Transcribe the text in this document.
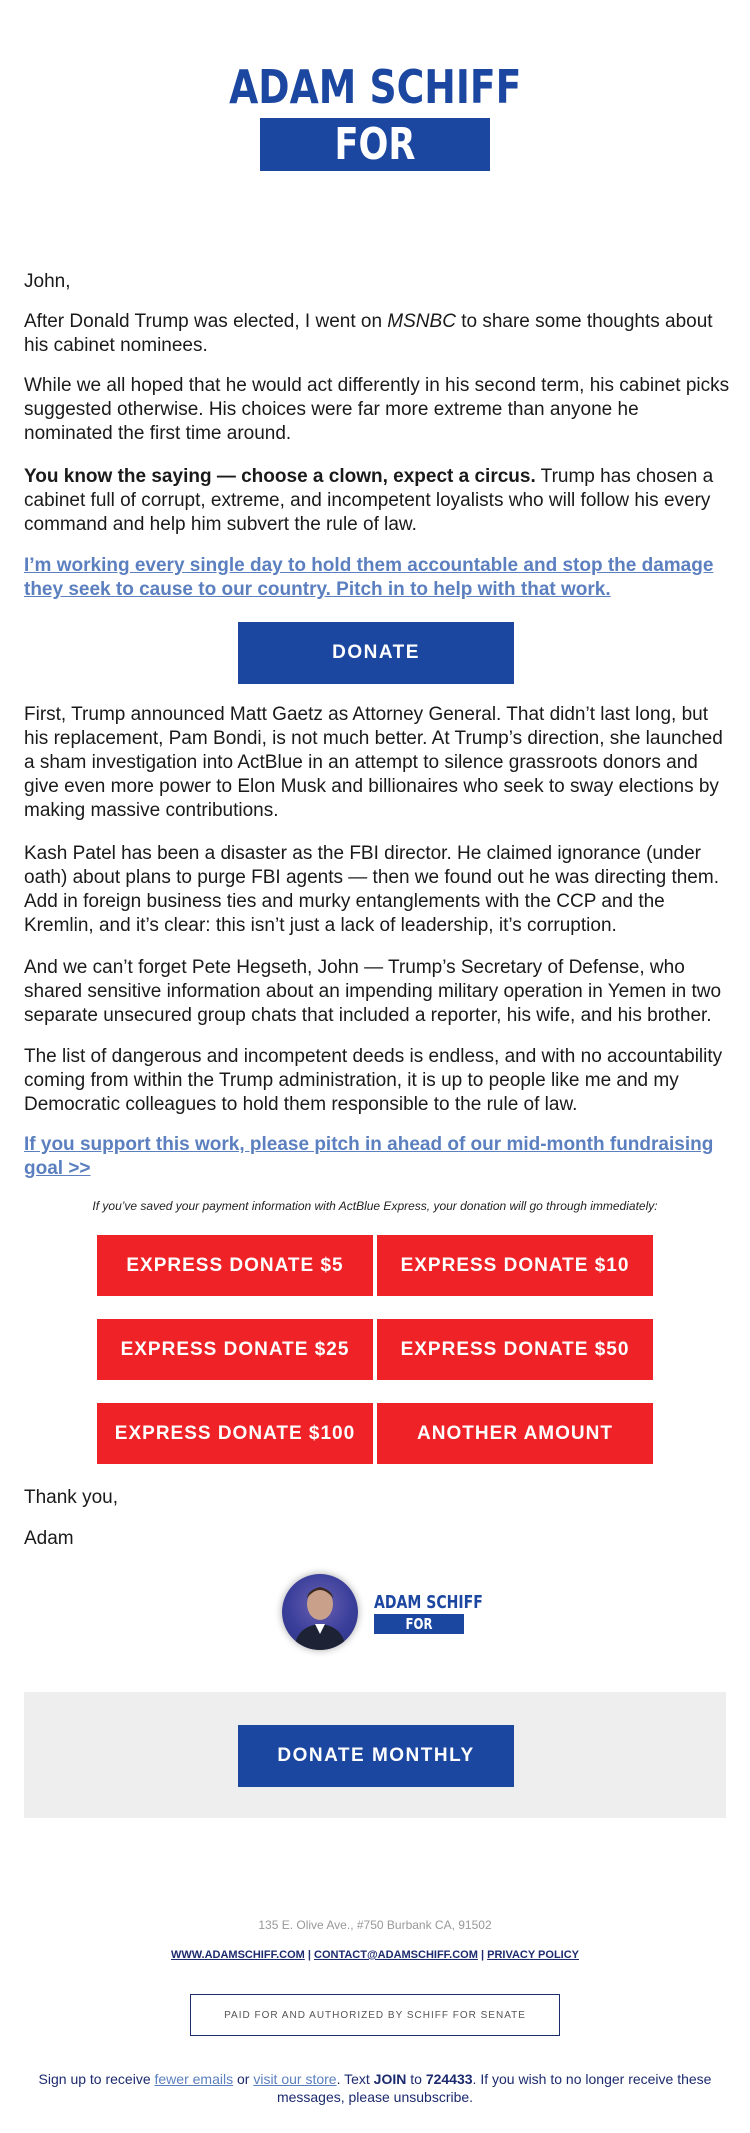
ADAM SCHIFF
FOR SENATE

John,

After Donald Trump was elected, I went on MSNBC to share some thoughts about his cabinet nominees.

While we all hoped that he would act differently in his second term, his cabinet picks suggested otherwise. His choices were far more extreme than anyone he nominated the first time around.

You know the saying — choose a clown, expect a circus. Trump has chosen a cabinet full of corrupt, extreme, and incompetent loyalists who will follow his every command and help him subvert the rule of law.

I’m working every single day to hold them accountable and stop the damage they seek to cause to our country. Pitch in to help with that work.

First, Trump announced Matt Gaetz as Attorney General. That didn’t last long, but his replacement, Pam Bondi, is not much better. At Trump’s direction, she launched a sham investigation into ActBlue in an attempt to silence grassroots donors and give even more power to Elon Musk and billionaires who seek to sway elections by making massive contributions.

Kash Patel has been a disaster as the FBI director. He claimed ignorance (under oath) about plans to purge FBI agents — then we found out he was directing them. Add in foreign business ties and murky entanglements with the CCP and the Kremlin, and it’s clear: this isn’t just a lack of leadership, it’s corruption.

And we can’t forget Pete Hegseth, John — Trump’s Secretary of Defense, who shared sensitive information about an impending military operation in Yemen in two separate unsecured group chats that included a reporter, his wife, and his brother.

The list of dangerous and incompetent deeds is endless, and with no accountability coming from within the Trump administration, it is up to people like me and my Democratic colleagues to hold them responsible to the rule of law.

If you support this work, please pitch in ahead of our mid-month fundraising goal >>

Thank you,

Adam

DONATE
If you’ve saved your payment information with ActBlue Express, your donation will go through immediately:
EXPRESS DONATE $5	EXPRESS DONATE $10
EXPRESS DONATE $25	EXPRESS DONATE $50
EXPRESS DONATE $100	ANOTHER AMOUNT
ADAM SCHIFF
FOR SENATE
DONATE MONTHLY
135 E. Olive Ave., #750 Burbank CA, 91502
WWW.ADAMSCHIFF.COM | CONTACT@ADAMSCHIFF.COM | PRIVACY POLICY
PAID FOR AND AUTHORIZED BY SCHIFF FOR SENATE
Sign up to receive fewer emails or visit our store. Text JOIN to 724433. If you wish to no longer receive these messages, please unsubscribe.
